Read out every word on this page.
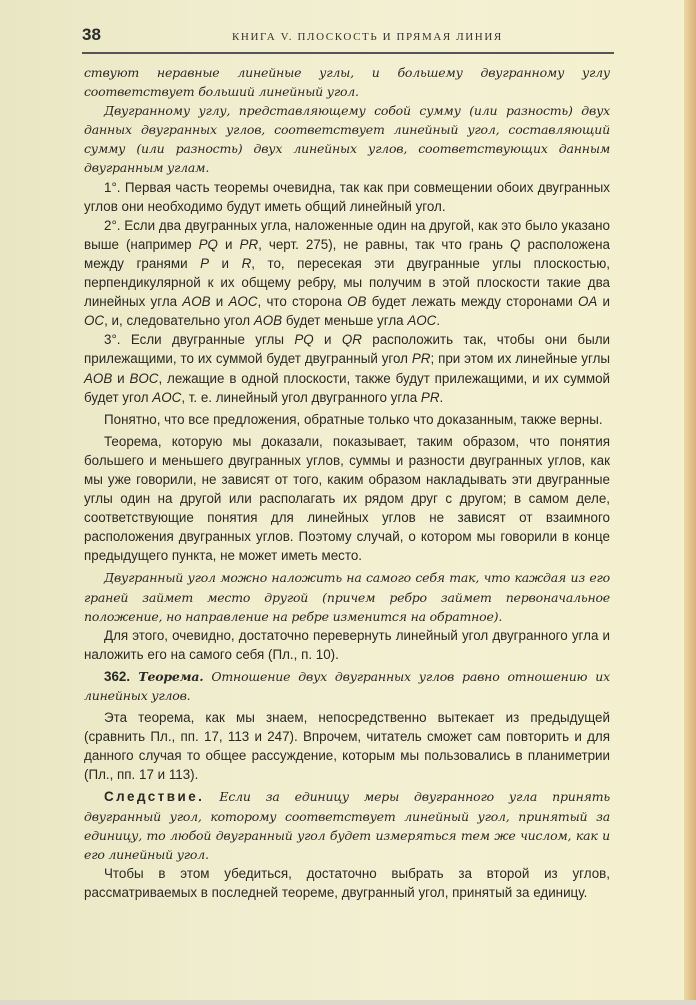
38	КНИГА V. ПЛОСКОСТЬ И ПРЯМАЯ ЛИНИЯ

ствуют неравные линейные углы, и большему двугранному углу соответствует больший линейный угол.

Двугранному углу, представляющему собой сумму (или разность) двух данных двугранных углов, соответствует линейный угол, составляющий сумму (или разность) двух линейных углов, соответствующих данным двугранным углам.

1°. Первая часть теоремы очевидна, так как при совмещении обоих двугранных углов они необходимо будут иметь общий линейный угол.

2°. Если два двугранных угла, наложенные один на другой, как это было указано выше (например PQ и PR, черт. 275), не равны, так что грань Q расположена между гранями P и R, то, пересекая эти двугранные углы плоскостью, перпендикулярной к их общему ребру, мы получим в этой плоскости такие два линейных угла AOB и AOC, что сторона OB будет лежать между сторонами OA и OC, и, следовательно угол AOB будет меньше угла AOC.

3°. Если двугранные углы PQ и QR расположить так, чтобы они были прилежащими, то их суммой будет двугранный угол PR; при этом их линейные углы AOB и BOC, лежащие в одной плоскости, также будут прилежащими, и их суммой будет угол AOC, т. е. линейный угол двугранного угла PR.

Понятно, что все предложения, обратные только что доказанным, также верны.

Теорема, которую мы доказали, показывает, таким образом, что понятия большего и меньшего двугранных углов, суммы и разности двугранных углов, как мы уже говорили, не зависят от того, каким образом накладывать эти двугранные углы один на другой или располагать их рядом друг с другом; в самом деле, соответствующие понятия для линейных углов не зависят от взаимного расположения двугранных углов. Поэтому случай, о котором мы говорили в конце предыдущего пункта, не может иметь место.

Двугранный угол можно наложить на самого себя так, что каждая из его граней займет место другой (причем ребро займет первоначальное положение, но направление на ребре изменится на обратное).

Для этого, очевидно, достаточно перевернуть линейный угол двугранного угла и наложить его на самого себя (Пл., п. 10).

362. Теорема. Отношение двух двугранных углов равно отношению их линейных углов.

Эта теорема, как мы знаем, непосредственно вытекает из предыдущей (сравнить Пл., пп. 17, 113 и 247). Впрочем, читатель сможет сам повторить и для данного случая то общее рассуждение, которым мы пользовались в планиметрии (Пл., пп. 17 и 113).

Следствие. Если за единицу меры двугранного угла принять двугранный угол, которому соответствует линейный угол, принятый за единицу, то любой двугранный угол будет измеряться тем же числом, как и его линейный угол.

Чтобы в этом убедиться, достаточно выбрать за второй из углов, рассматриваемых в последней теореме, двугранный угол, принятый за единицу.
